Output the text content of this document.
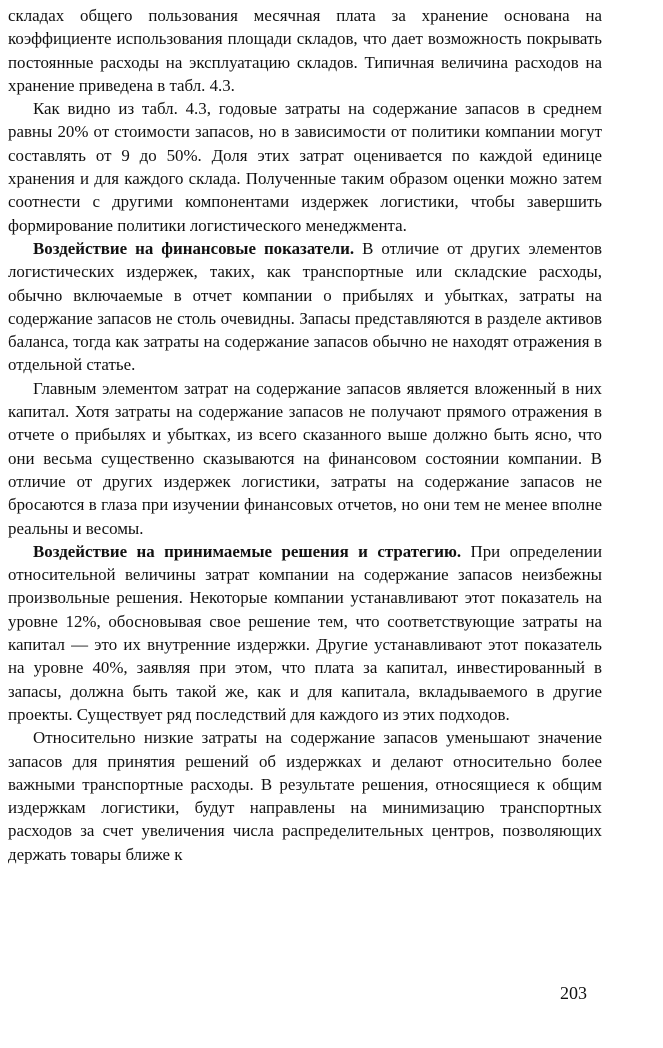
складах общего пользования месячная плата за хранение основана на коэффициенте использования площади складов, что дает возможность покрывать постоянные расходы на эксплуатацию складов. Типичная величина расходов на хранение приведена в табл. 4.3.

Как видно из табл. 4.3, годовые затраты на содержание запасов в среднем равны 20% от стоимости запасов, но в зависимости от политики компании могут составлять от 9 до 50%. Доля этих затрат оценивается по каждой единице хранения и для каждого склада. Полученные таким образом оценки можно затем соотнести с другими компонентами издержек логистики, чтобы завершить формирование политики логистического менеджмента.

Воздействие на финансовые показатели. В отличие от других элементов логистических издержек, таких, как транспортные или складские расходы, обычно включаемые в отчет компании о прибылях и убытках, затраты на содержание запасов не столь очевидны. Запасы представляются в разделе активов баланса, тогда как затраты на содержание запасов обычно не находят отражения в отдельной статье.

Главным элементом затрат на содержание запасов является вложенный в них капитал. Хотя затраты на содержание запасов не получают прямого отражения в отчете о прибылях и убытках, из всего сказанного выше должно быть ясно, что они весьма существенно сказываются на финансовом состоянии компании. В отличие от других издержек логистики, затраты на содержание запасов не бросаются в глаза при изучении финансовых отчетов, но они тем не менее вполне реальны и весомы.

Воздействие на принимаемые решения и стратегию. При определении относительной величины затрат компании на содержание запасов неизбежны произвольные решения. Некоторые компании устанавливают этот показатель на уровне 12%, обосновывая свое решение тем, что соответствующие затраты на капитал — это их внутренние издержки. Другие устанавливают этот показатель на уровне 40%, заявляя при этом, что плата за капитал, инвестированный в запасы, должна быть такой же, как и для капитала, вкладываемого в другие проекты. Существует ряд последствий для каждого из этих подходов.

Относительно низкие затраты на содержание запасов уменьшают значение запасов для принятия решений об издержках и делают относительно более важными транспортные расходы. В результате решения, относящиеся к общим издержкам логистики, будут направлены на минимизацию транспортных расходов за счет увеличения числа распределительных центров, позволяющих держать товары ближе к

203
